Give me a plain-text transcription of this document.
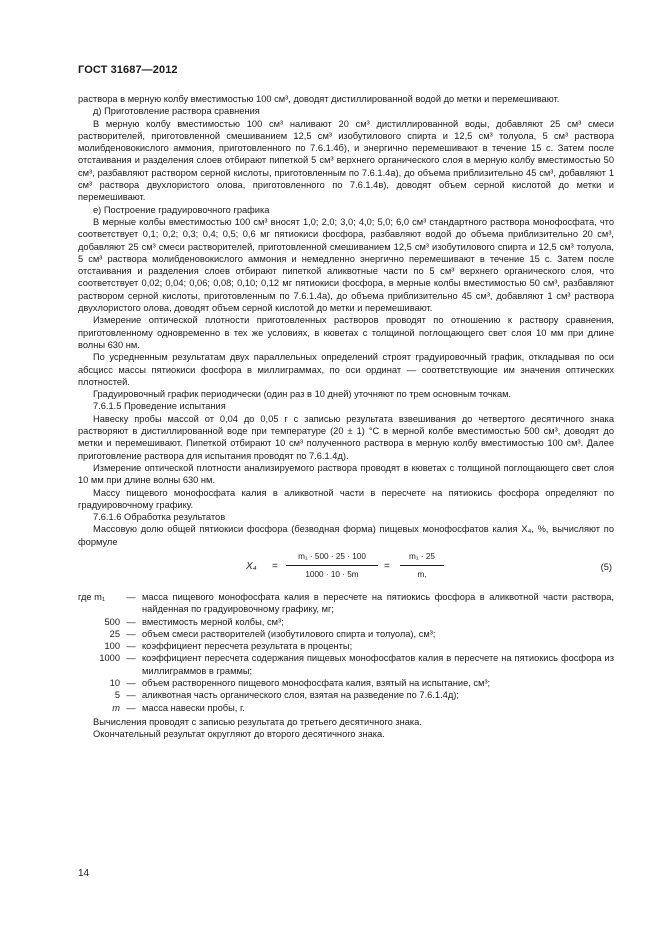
ГОСТ 31687—2012

раствора в мерную колбу вместимостью 100 см³, доводят дистиллированной водой до метки и перемешивают.

д) Приготовление раствора сравнения

В мерную колбу вместимостью 100 см³ наливают 20 см³ дистиллированной воды, добавляют 25 см³ смеси растворителей, приготовленной смешиванием 12,5 см³ изобутилового спирта и 12,5 см³ толуола, 5 см³ раствора молибденовокислого аммония, приготовленного по 7.6.1.4б), и энергично перемешивают в течение 15 с. Затем после отстаивания и разделения слоев отбирают пипеткой 5 см³ верхнего органического слоя в мерную колбу вместимостью 50 см³, разбавляют раствором серной кислоты, приготовленным по 7.6.1.4а), до объема приблизительно 45 см³, добавляют 1 см³ раствора двухлористого олова, приготовленного по 7.6.1.4в), доводят объем серной кислотой до метки и перемешивают.

е) Построение градуировочного графика

В мерные колбы вместимостью 100 см³ вносят 1,0; 2,0; 3,0; 4,0; 5,0; 6,0 см³ стандартного раствора монофосфата, что соответствует 0,1; 0,2; 0,3; 0,4; 0,5; 0,6 мг пятиокиси фосфора, разбавляют водой до объема приблизительно 20 см³, добавляют 25 см³ смеси растворителей, приготовленной смешиванием 12,5 см³ изобутилового спирта и 12,5 см³ толуола, 5 см³ раствора молибденовокислого аммония и немедленно энергично перемешивают в течение 15 с. Затем после отстаивания и разделения слоев отбирают пипеткой аликвотные части по 5 см³ верхнего органического слоя, что соответствует 0,02; 0,04; 0,06; 0,08; 0,10; 0,12 мг пятиокиси фосфора, в мерные колбы вместимостью 50 см³, разбавляют раствором серной кислоты, приготовленным по 7.6.1.4а), до объема приблизительно 45 см³, добавляют 1 см³ раствора двухлористого олова, доводят объем серной кислотой до метки и перемешивают.

Измерение оптической плотности приготовленных растворов проводят по отношению к раствору сравнения, приготовленному одновременно в тех же условиях, в кюветах с толщиной поглощающего свет слоя 10 мм при длине волны 630 нм.

По усредненным результатам двух параллельных определений строят градуировочный график, откладывая по оси абсцисс массы пятиокиси фосфора в миллиграммах, по оси ординат — соответствующие им значения оптических плотностей.

Градуировочный график периодически (один раз в 10 дней) уточняют по трем основным точкам.

7.6.1.5 Проведение испытания

Навеску пробы массой от 0,04 до 0,05 г с записью результата взвешивания до четвертого десятичного знака растворяют в дистиллированной воде при температуре (20 ± 1) °С в мерной колбе вместимостью 500 см³, доводят до метки и перемешивают. Пипеткой отбирают 10 см³ полученного раствора в мерную колбу вместимостью 100 см³. Далее приготовление раствора для испытания проводят по 7.6.1.4д).

Измерение оптической плотности анализируемого раствора проводят в кюветах с толщиной поглощающего свет слоя 10 мм при длине волны 630 нм.

Массу пищевого монофосфата калия в аликвотной части в пересчете на пятиокись фосфора определяют по градуировочному графику.

7.6.1.6 Обработка результатов

Массовую долю общей пятиокиси фосфора (безводная форма) пищевых монофосфатов калия X₄, %, вычисляют по формуле

$X_4 = \frac{\text{m₁ · 500 · 25 · 100}}{1000 \cdot 10 \cdot 5m} = \frac{\text{m₁ · 25}}{m,}$	(5)
где m₁	— масса пищевого монофосфата калия в пересчете на пятиокись фосфора в аликвотной части раствора, найденная по градуировочному графику, мг;
500 — вместимость мерной колбы, см³;
25 — объем смеси растворителей (изобутилового спирта и толуола), см³;
100 — коэффициент пересчета результата в проценты;
1000 — коэффициент пересчета содержания пищевых монофосфатов калия в пересчете на пятиокись фосфора из миллиграммов в граммы;
10 — объем растворенного пищевого монофосфата калия, взятый на испытание, см³;
5 — аликвотная часть органического слоя, взятая на разведение по 7.6.1.4д);
m — масса навески пробы, г.

Вычисления проводят с записью результата до третьего десятичного знака.

Окончательный результат округляют до второго десятичного знака.

14
